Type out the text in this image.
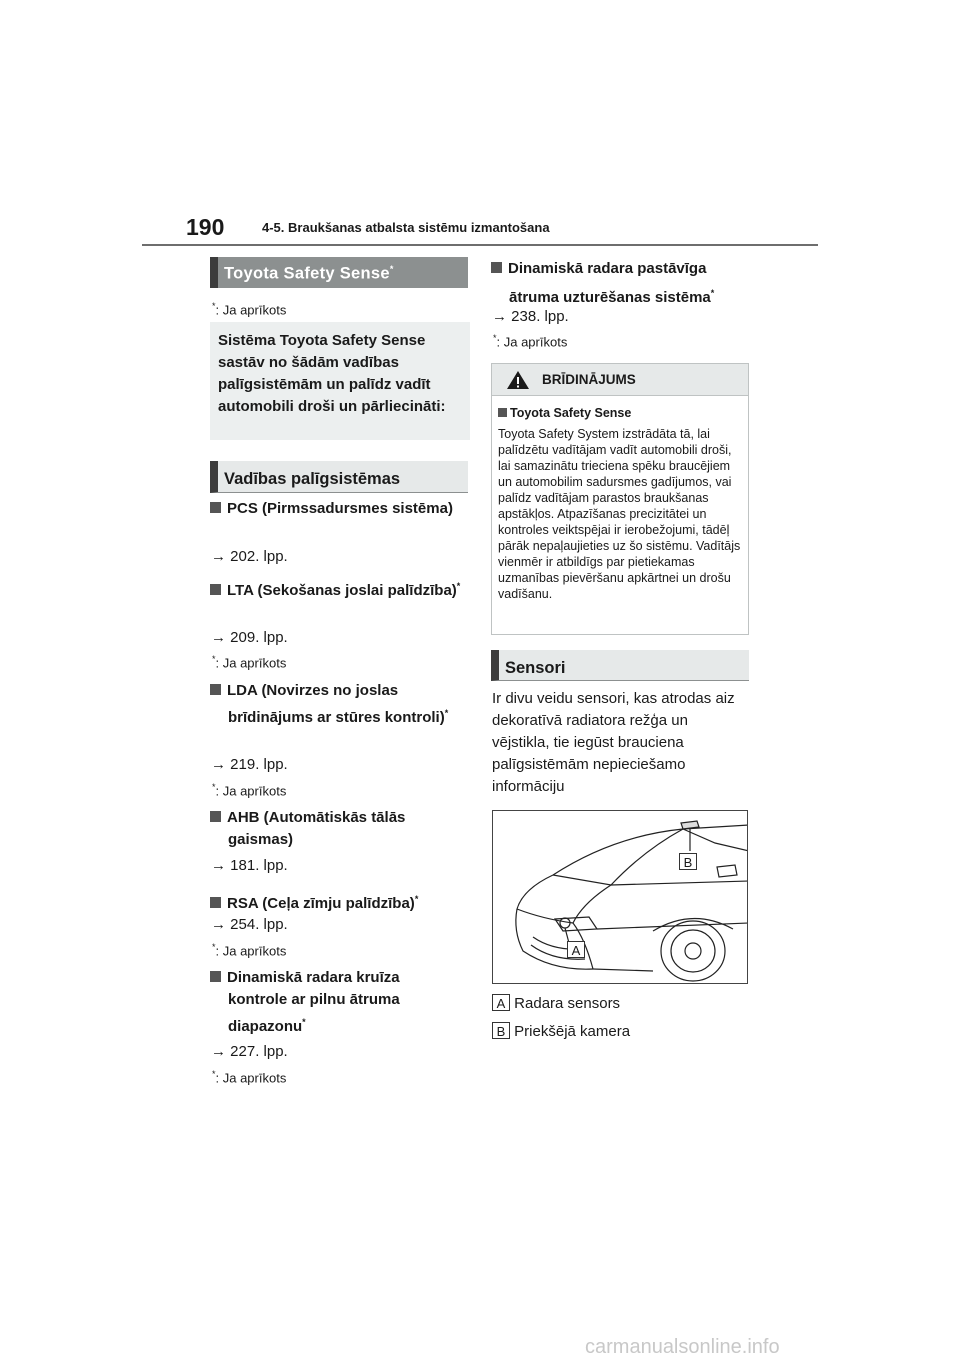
190	4-5. Braukšanas atbalsta sistēmu izmantošana
Toyota Safety Sense*
*: Ja aprīkots
Sistēma Toyota Safety Sense sastāv no šādām vadības palīgsistēmām un palīdz vadīt automobili droši un pārliecināti:
Vadības palīgsistēmas
PCS (Pirmssadursmes sistēma)
→ 202. lpp.
LTA (Sekošanas joslai palīdzība)*
→ 209. lpp.
*: Ja aprīkots
LDA (Novirzes no joslas brīdinājums ar stūres kontroli)*
→ 219. lpp.
*: Ja aprīkots
AHB (Automātiskās tālās gaismas)
→ 181. lpp.
RSA (Ceļa zīmju palīdzība)*
→ 254. lpp.
*: Ja aprīkots
Dinamiskā radara kruīza kontrole ar pilnu ātruma diapazonu*
→ 227. lpp.
*: Ja aprīkots
Dinamiskā radara pastāvīga ātruma uzturēšanas sistēma*
→ 238. lpp.
*: Ja aprīkots
BRĪDINĀJUMS
Toyota Safety Sense
Toyota Safety System izstrādāta tā, lai palīdzētu vadītājam vadīt automobili droši, lai samazinātu trieciena spēku braucējiem un automobilim sadursmes gadījumos, vai palīdz vadītājam parastos braukšanas apstākļos. Atpazīšanas precizitātei un kontroles veiktspējai ir ierobežojumi, tādēļ pārāk nepaļaujieties uz šo sistēmu. Vadītājs vienmēr ir atbildīgs par pietiekamas uzmanības pievēršanu apkārtnei un drošu vadīšanu.
Sensori
Ir divu veidu sensori, kas atrodas aiz dekoratīvā radiatora režģa un vējstikla, tie iegūst brauciena palīgsistēmām nepieciešamo informāciju
B
A
A Radara sensors
B Priekšējā kamera
carmanualsonline.info
